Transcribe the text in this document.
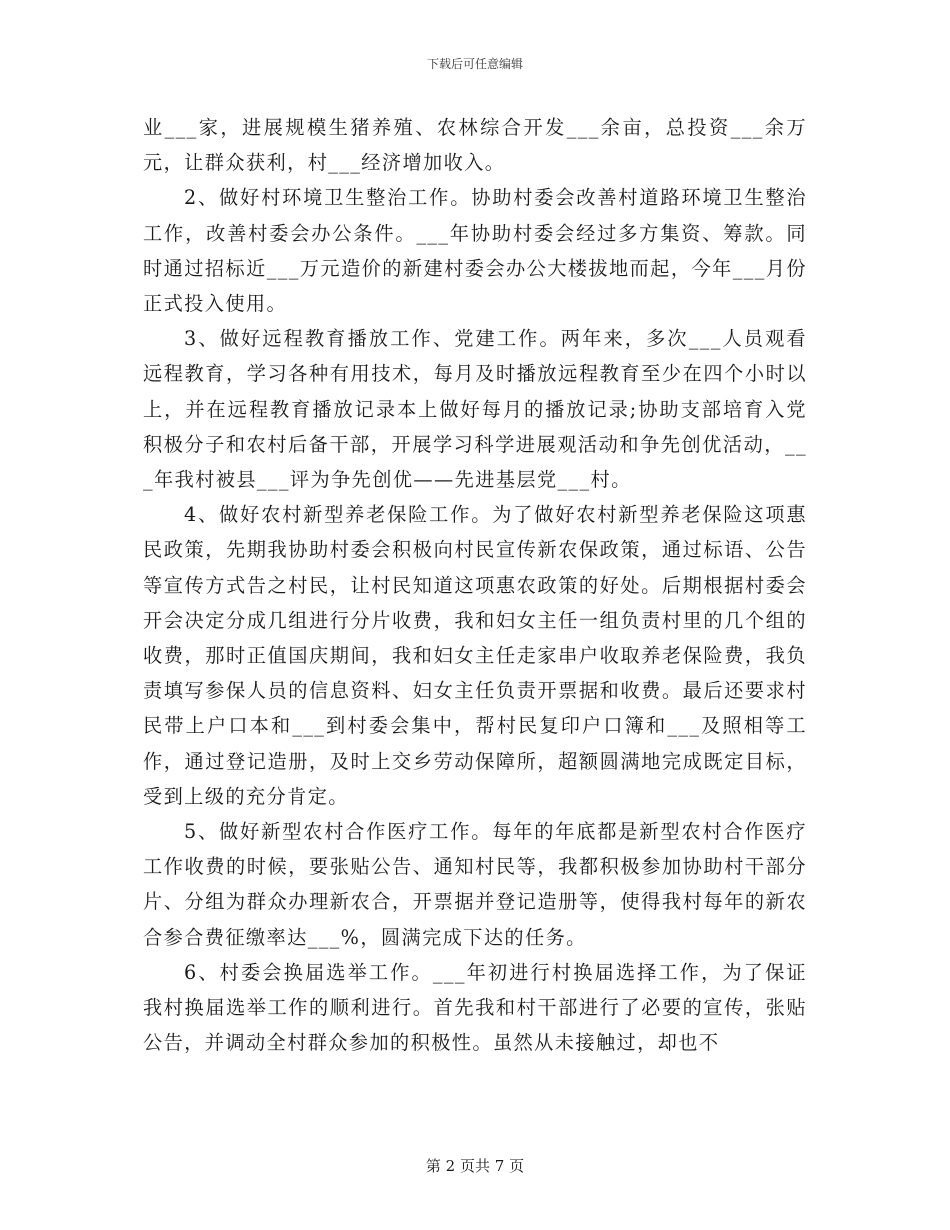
下载后可任意编辑

业___家，进展规模生猪养殖、农林综合开发___余亩，总投资___余万元，让群众获利，村___经济增加收入。

2、做好村环境卫生整治工作。协助村委会改善村道路环境卫生整治工作，改善村委会办公条件。___年协助村委会经过多方集资、筹款。同时通过招标近___万元造价的新建村委会办公大楼拔地而起，今年___月份正式投入使用。

3、做好远程教育播放工作、党建工作。两年来，多次___人员观看远程教育，学习各种有用技术，每月及时播放远程教育至少在四个小时以上，并在远程教育播放记录本上做好每月的播放记录;协助支部培育入党积极分子和农村后备干部，开展学习科学进展观活动和争先创优活动，___年我村被县___评为争先创优——先进基层党___村。

4、做好农村新型养老保险工作。为了做好农村新型养老保险这项惠民政策，先期我协助村委会积极向村民宣传新农保政策，通过标语、公告等宣传方式告之村民，让村民知道这项惠农政策的好处。后期根据村委会开会决定分成几组进行分片收费，我和妇女主任一组负责村里的几个组的收费，那时正值国庆期间，我和妇女主任走家串户收取养老保险费，我负责填写参保人员的信息资料、妇女主任负责开票据和收费。最后还要求村民带上户口本和___到村委会集中，帮村民复印户口簿和___及照相等工作，通过登记造册，及时上交乡劳动保障所，超额圆满地完成既定目标，受到上级的充分肯定。

5、做好新型农村合作医疗工作。每年的年底都是新型农村合作医疗工作收费的时候，要张贴公告、通知村民等，我都积极参加协助村干部分片、分组为群众办理新农合，开票据并登记造册等，使得我村每年的新农合参合费征缴率达___%，圆满完成下达的任务。

6、村委会换届选举工作。___年初进行村换届选择工作，为了保证我村换届选举工作的顺利进行。首先我和村干部进行了必要的宣传，张贴公告，并调动全村群众参加的积极性。虽然从未接触过，却也不

第 2 页共 7 页
